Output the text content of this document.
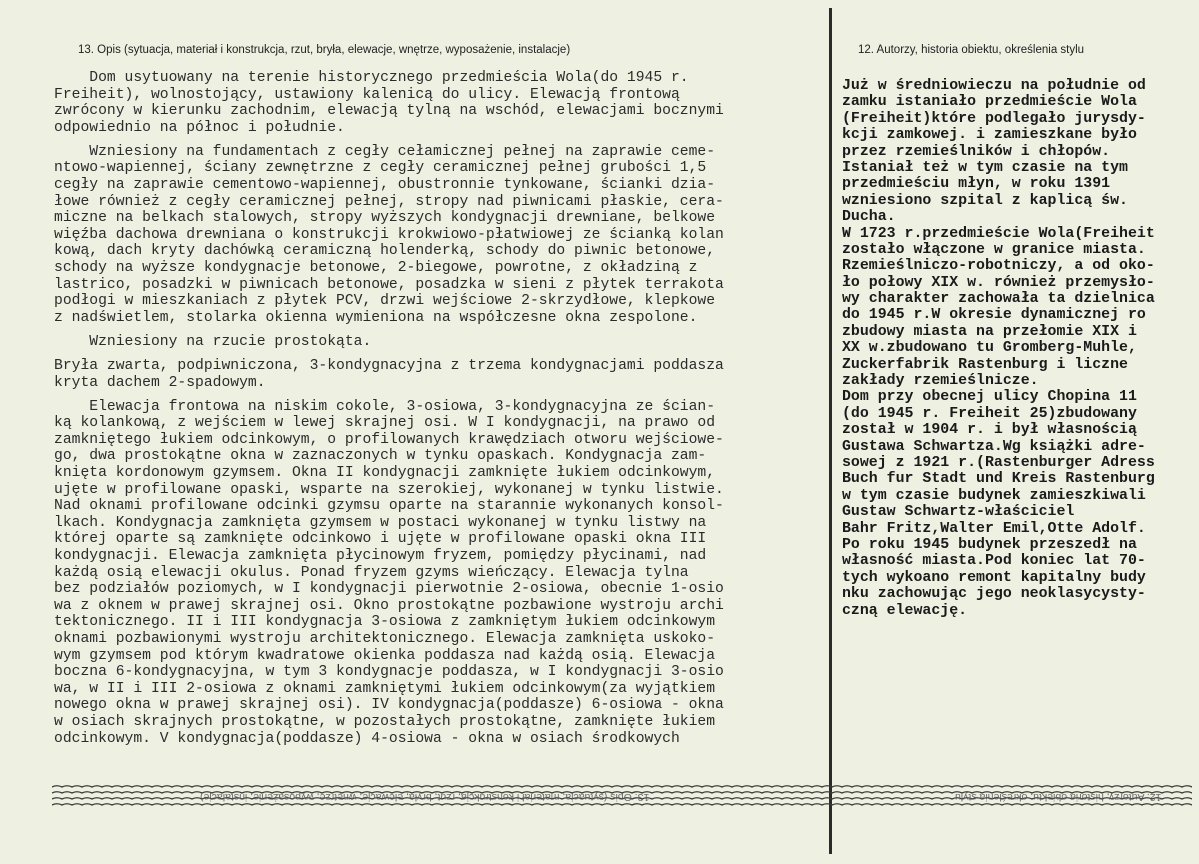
13. Opis (sytuacja, materiał i konstrukcja, rzut, bryła, elewacje, wnętrze, wyposażenie, instalacje)	12. Autorzy, historia obiektu, określenia stylu
Dom usytuowany na terenie historycznego przedmieścia Wola(do 1945 r.
Freiheit), wolnostojący, ustawiony kalenicą do ulicy. Elewacją frontową
zwrócony w kierunku zachodnim, elewacją tylną na wschód, elewacjami bocznymi
odpowiednio na północ i południe.
Wzniesiony na fundamentach z cegły cełamicznej pełnej na zaprawie ceme-
ntowo-wapiennej, ściany zewnętrzne z cegły ceramicznej pełnej grubości 1,5
cegły na zaprawie cementowo-wapiennej, obustronnie tynkowane, ścianki dzia-
łowe również z cegły ceramicznej pełnej, stropy nad piwnicami płaskie, cera-
miczne na belkach stalowych, stropy wyższych kondygnacji drewniane, belkowe
więźba dachowa drewniana o konstrukcji krokwiowo-płatwiowej ze ścianką kolan
kową, dach kryty dachówką ceramiczną holenderką, schody do piwnic betonowe,
schody na wyższe kondygnacje betonowe, 2-biegowe, powrotne, z okładziną z
lastrico, posadzki w piwnicach betonowe, posadzka w sieni z płytek terrakota
podłogi w mieszkaniach z płytek PCV, drzwi wejściowe 2-skrzydłowe, klepkowe
z nadświetlem, stolarka okienna wymieniona na współczesne okna zespolone.
Wzniesiony na rzucie prostokąta.
Bryła zwarta, podpiwniczona, 3-kondygnacyjna z trzema kondygnacjami poddasza
kryta dachem 2-spadowym.
Elewacja frontowa na niskim cokole, 3-osiowa, 3-kondygnacyjna ze ścian-
ką kolankową, z wejściem w lewej skrajnej osi. W I kondygnacji, na prawo od
zamkniętego łukiem odcinkowym, o profilowanych krawędziach otworu wejściowe-
go, dwa prostokątne okna w zaznaczonych w tynku opaskach. Kondygnacja zam-
knięta kordonowym gzymsem. Okna II kondygnacji zamknięte łukiem odcinkowym,
ujęte w profilowane opaski, wsparte na szerokiej, wykonanej w tynku listwie.
Nad oknami profilowane odcinki gzymsu oparte na starannie wykonanych konsol-
lkach. Kondygnacja zamknięta gzymsem w postaci wykonanej w tynku listwy na
której oparte są zamknięte odcinkowo i ujęte w profilowane opaski okna III
kondygnacji. Elewacja zamknięta płycinowym fryzem, pomiędzy płycinami, nad
każdą osią elewacji okulus. Ponad fryzem gzyms wieńczący. Elewacja tylna
bez podziałów poziomych, w I kondygnacji pierwotnie 2-osiowa, obecnie 1-osio
wa z oknem w prawej skrajnej osi. Okno prostokątne pozbawione wystroju archi
tektonicznego. II i III kondygnacja 3-osiowa z zamkniętym łukiem odcinkowym
oknami pozbawionymi wystroju architektonicznego. Elewacja zamknięta uskoko-
wym gzymsem pod którym kwadratowe okienka poddasza nad każdą osią. Elewacja
boczna 6-kondygnacyjna, w tym 3 kondygnacje poddasza, w I kondygnacji 3-osio
wa, w II i III 2-osiowa z oknami zamkniętymi łukiem odcinkowym(za wyjątkiem
nowego okna w prawej skrajnej osi). IV kondygnacja(poddasze) 6-osiowa - okna
w osiach skrajnych prostokątne, w pozostałych prostokątne, zamknięte łukiem
odcinkowym. V kondygnacja(poddasze) 4-osiowa - okna w osiach środkowych
Już w średniowieczu na południe od
zamku istaniało przedmieście Wola
(Freiheit)które podlegało jurysdy-
kcji zamkowej. i zamieszkane było
przez rzemieślników i chłopów.
Istaniał też w tym czasie na tym
przedmieściu młyn, w roku 1391
wzniesiono szpital z kaplicą św.
Ducha.
W 1723 r.przedmieście Wola(Freiheit
zostało włączone w granice miasta.
Rzemieślniczo-robotniczy, a od oko-
ło połowy XIX w. również przemysło-
wy charakter zachowała ta dzielnica
do 1945 r.W okresie dynamicznej ro
zbudowy miasta na przełomie XIX i
XX w.zbudowano tu Gromberg-Muhle,
Zuckerfabrik Rastenburg i liczne
zakłady rzemieślnicze.
Dom przy obecnej ulicy Chopina 11
(do 1945 r. Freiheit 25)zbudowany
został w 1904 r. i był własnością
Gustawa Schwartza.Wg książki adre-
sowej z 1921 r.(Rastenburger Adress
Buch fur Stadt und Kreis Rastenburg
w tym czasie budynek zamieszkiwali
Gustaw Schwartz-właściciel
Bahr Fritz,Walter Emil,Otte Adolf.
Po roku 1945 budynek przeszedł na
własność miasta.Pod koniec lat 70-
tych wykoano remont kapitalny budy
nku zachowując jego neoklasycysty-
czną elewację.
13. Opis (sytuacja, materiał i konstrukcja, rzut, bryła, elewacje, wnętrze, wyposażenie, instalacje)	12. Autorzy, historia obiektu, określenia stylu
